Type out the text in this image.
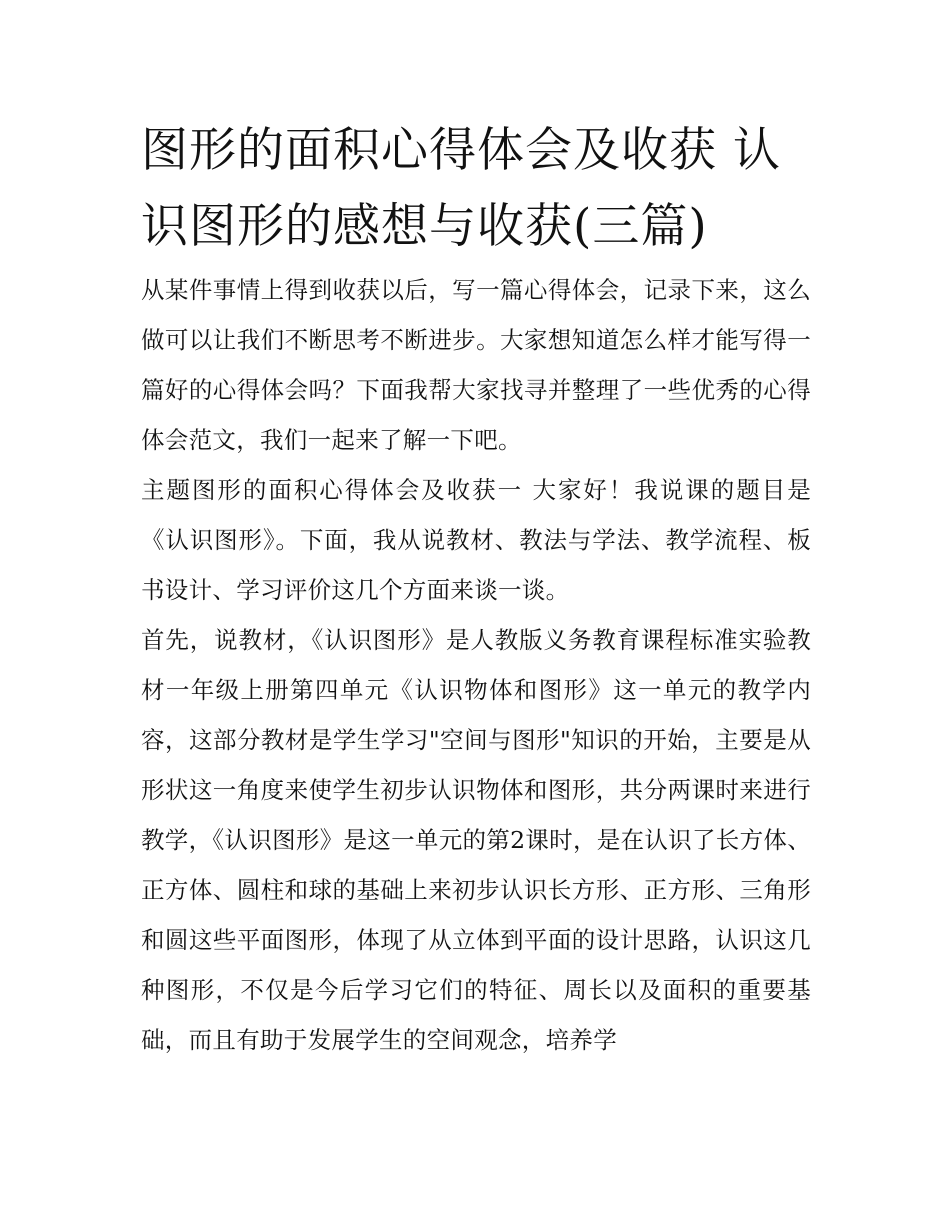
图形的面积心得体会及收获 认识图形的感想与收获(三篇)

从某件事情上得到收获以后，写一篇心得体会，记录下来，这么做可以让我们不断思考不断进步。大家想知道怎么样才能写得一篇好的心得体会吗？下面我帮大家找寻并整理了一些优秀的心得体会范文，我们一起来了解一下吧。

主题图形的面积心得体会及收获一 大家好！我说课的题目是《认识图形》。下面，我从说教材、教法与学法、教学流程、板书设计、学习评价这几个方面来谈一谈。

首先，说教材，《认识图形》是人教版义务教育课程标准实验教材一年级上册第四单元《认识物体和图形》这一单元的教学内容，这部分教材是学生学习"空间与图形"知识的开始，主要是从形状这一角度来使学生初步认识物体和图形，共分两课时来进行教学，《认识图形》是这一单元的第2课时，是在认识了长方体、正方体、圆柱和球的基础上来初步认识长方形、正方形、三角形和圆这些平面图形，体现了从立体到平面的设计思路，认识这几种图形，不仅是今后学习它们的特征、周长以及面积的重要基础，而且有助于发展学生的空间观念，培养学
